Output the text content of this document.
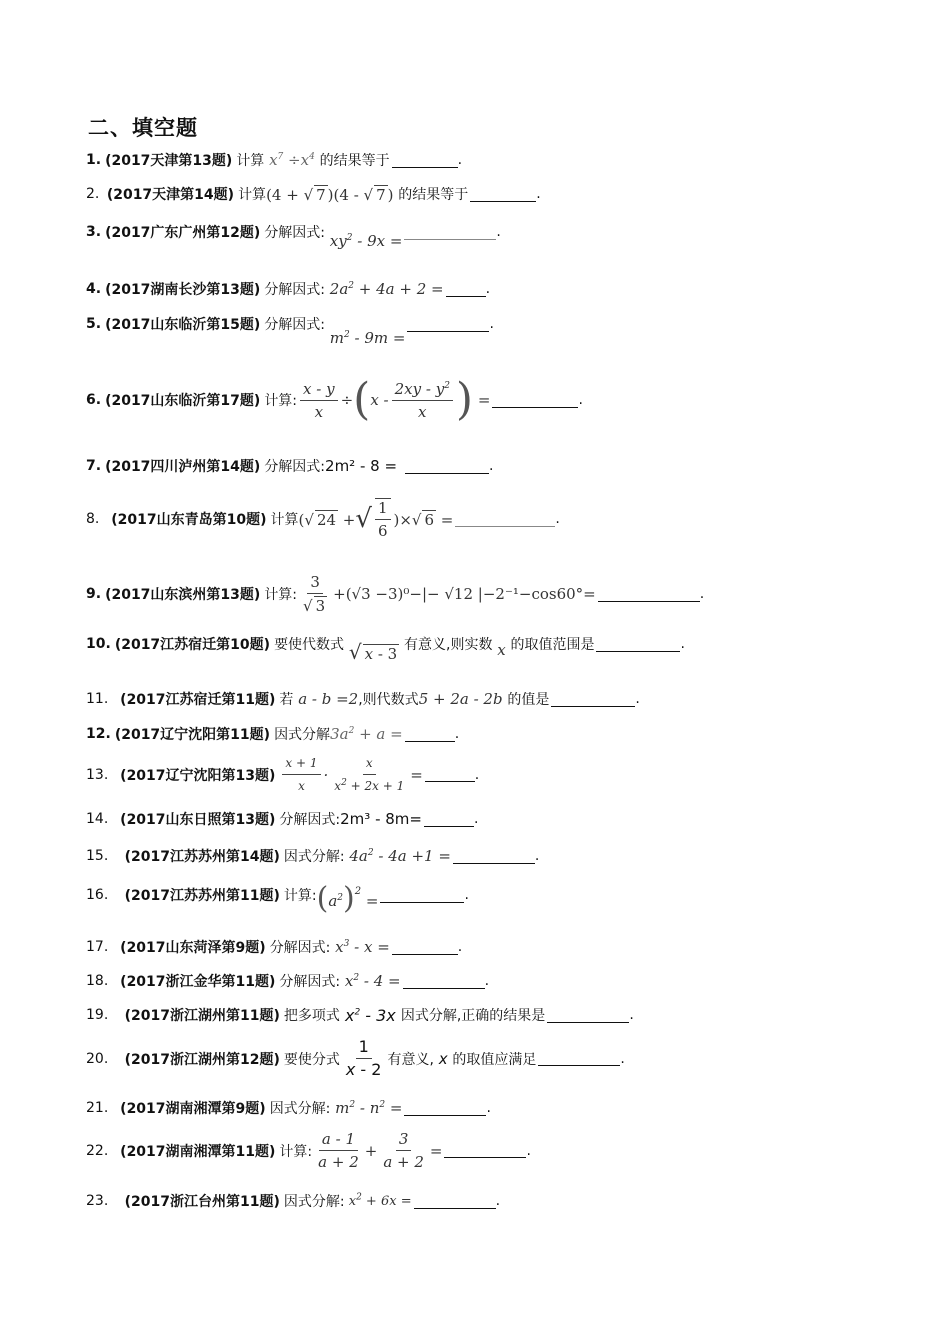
二、填空题
1. (2017天津第13题) 计算 $x^7 \div x^4$ 的结果等于	.
2.
(2017天津第14题) 计算 (4 + √ 7 )(4 - √ 7 ) 的结果等于	.
3. (2017广东广州第12题) 分解因式: $xy^2 - 9x$ =	.
4. (2017湖南长沙第13题) 分解因式: $2a^2 + 4a + 2$ =	.
5. (2017山东临沂第15题) 分解因式:
$m^2 - 9m$ =
.
6. (2017山东临沂第17题) 计算: $\frac{x - y}{x}$ ÷ ( x - $\frac{2xy - y^2}{x}$ ) =	.
7. (2017四川泸州第14题) 分解因式: 2m² - 8 =	.
8.
(2017山东青岛第10题) 计算 (√ 24 + √ $\frac{1}{6}$ )×√ 6 =	.
9. (2017山东滨州第13题) 计算: $\frac{3}{√ 3} +(√3 -3)^0-|- √12$ |−2⁻¹−cos60°=	.
10. (2017江苏宿迁第10题) 要使代数式 √ x - 3 有意义,则实数 x 的取值范围是	.
11.
(2017江苏宿迁第11题) 若 a - b =2 ,则代数式 5 + 2a - 2b 的值是	.
12. (2017辽宁沈阳第11题) 因式分解 $3a^2 + a$ =	.
13.
(2017辽宁沈阳第13题) $\frac{x + 1}{x} \cdot \frac{x}{x^2 + 2x + 1}$ =	.
14.
(2017山东日照第13题) 分解因式: 2m³ - 8m=	.
15.
(2017江苏苏州第14题) 因式分解: $4a^2 - 4a +1$ =	.
16.
(2017江苏苏州第11题) 计算: ( $a^2$ ) 2
=	.
17.
(2017山东菏泽第9题) 分解因式: $x^3$ - x =	.
18.
(2017浙江金华第11题) 分解因式: $x^2 - 4$ =	.
19.
(2017浙江湖州第11题) 把多项式 $x^2 - 3x$ 因式分解,正确的结果是	.
20.
(2017浙江湖州第12题) 要使分式 $\frac{1}{x - 2}$ 有意义, x 的取值应满足	.
21.
(2017湖南湘潭第9题) 因式分解: $m^2 - n^2$ =	.
22.
(2017湖南湘潭第11题) 计算: $\frac{a - 1}{a + 2} + \frac{3}{a + 2}$ =	.
23.
(2017浙江台州第11题) 因式分解: $x^2 + 6x$ =	.
